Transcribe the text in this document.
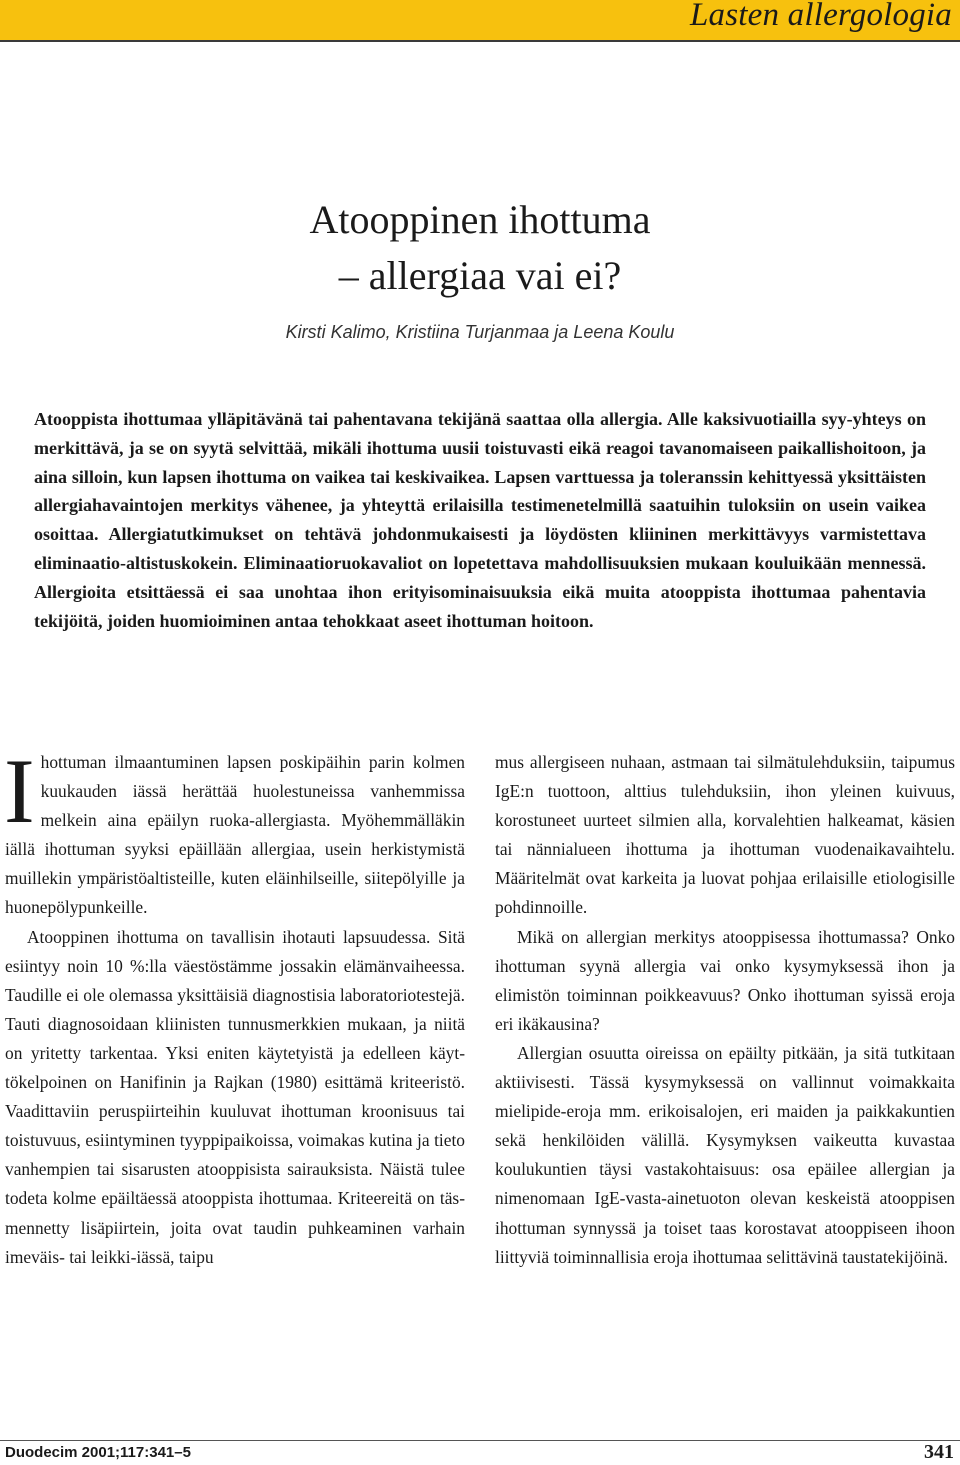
Lasten allergologia
Atooppinen ihottuma
– allergiaa vai ei?
Kirsti Kalimo, Kristiina Turjanmaa ja Leena Koulu
Atooppista ihottumaa ylläpitävänä tai pahentavana tekijänä saattaa olla allergia. Alle kaksivuotiailla syy-yhteys on merkittävä, ja se on syytä selvittää, mikäli ihottuma uusii toistuvasti eikä reagoi tavanomaiseen paikallishoitoon, ja aina silloin, kun lapsen ihottuma on vaikea tai keskivaikea. Lapsen varttuessa ja toleranssin kehittyessä yksittäisten allergiahavaintojen merkitys vähenee, ja yhteyttä erilaisilla testimenetelmillä saatuihin tuloksiin on usein vaikea osoittaa. Allergiatutkimukset on tehtävä johdonmukaisesti ja löydösten kliininen merkittävyys varmistettava eliminaatio-altistuskokein. Eliminaatioruokavaliot on lopetettava mahdollisuuksien mukaan kouluikään mennessä. Allergioita etsittäessä ei saa unohtaa ihon erityisominaisuuksia eikä muita atooppista ihottumaa pahentavia tekijöitä, joiden huomioiminen antaa tehokkaat aseet ihottuman hoitoon.

Ihottuman ilmaantuminen lapsen poskipäihin parin kolmen kuukauden iässä herättää huolestuneissa vanhemmissa melkein aina epäilyn ruoka-allergiasta. Myöhemmälläkin iällä ihottuman syyksi epäillään allergiaa, usein herkistymistä muillekin ympäristöaltisteille, kuten eläinhilseille, siitepölyille ja huonepölypunkeille.

Atooppinen ihottuma on tavallisin ihotauti lapsuudessa. Sitä esiintyy noin 10 %:lla väestöstämme jossakin elämänvaiheessa. Taudille ei ole olemassa yksittäisiä diagnostisia laboratoriotestejä. Tauti diagnosoidaan kliinisten tunnusmerkkien mukaan, ja niitä on yritetty tarkentaa. Yksi eniten käytetyistä ja edelleen käyttökelpoinen on Hanifinin ja Rajkan (1980) esittämä kriteeristö. Vaadittaviin peruspiirteihin kuuluvat ihottuman kroonisuus tai toistuvuus, esiintyminen tyyppipaikoissa, voimakas kutina ja tieto vanhempien tai sisarusten atooppisista sairauksista. Näistä tulee todeta kolme epäiltäessä atooppista ihottumaa. Kriteereitä on täsmennetty lisäpiirtein, joita ovat taudin puhkeaminen varhain imeväis- tai leikki-iässä, taipu

mus allergiseen nuhaan, astmaan tai silmätulehduksiin, taipumus IgE:n tuottoon, alttius tulehduksiin, ihon yleinen kuivuus, korostuneet uurteet silmien alla, korvalehtien halkeamat, käsien tai nännialueen ihottuma ja ihottuman vuodenaikavaihtelu. Määritelmät ovat karkeita ja luovat pohjaa erilaisille etiologisille pohdinnoille.

Mikä on allergian merkitys atooppisessa ihottumassa? Onko ihottuman syynä allergia vai onko kysymyksessä ihon ja elimistön toiminnan poikkeavuus? Onko ihottuman syissä eroja eri ikäkausina?

Allergian osuutta oireissa on epäilty pitkään, ja sitä tutkitaan aktiivisesti. Tässä kysymyksessä on vallinnut voimakkaita mielipide-eroja mm. erikoisalojen, eri maiden ja paikkakuntien sekä henkilöiden välillä. Kysymyksen vaikeutta kuvastaa koulukuntien täysi vastakohtaisuus: osa epäilee allergian ja nimenomaan IgE-vasta-ainetuoton olevan keskeistä atooppisen ihottuman synnyssä ja toiset taas korostavat atooppiseen ihoon liittyviä toiminnallisia eroja ihottumaa selittävinä taustatekijöinä.

Duodecim 2001;117:341–5	341
